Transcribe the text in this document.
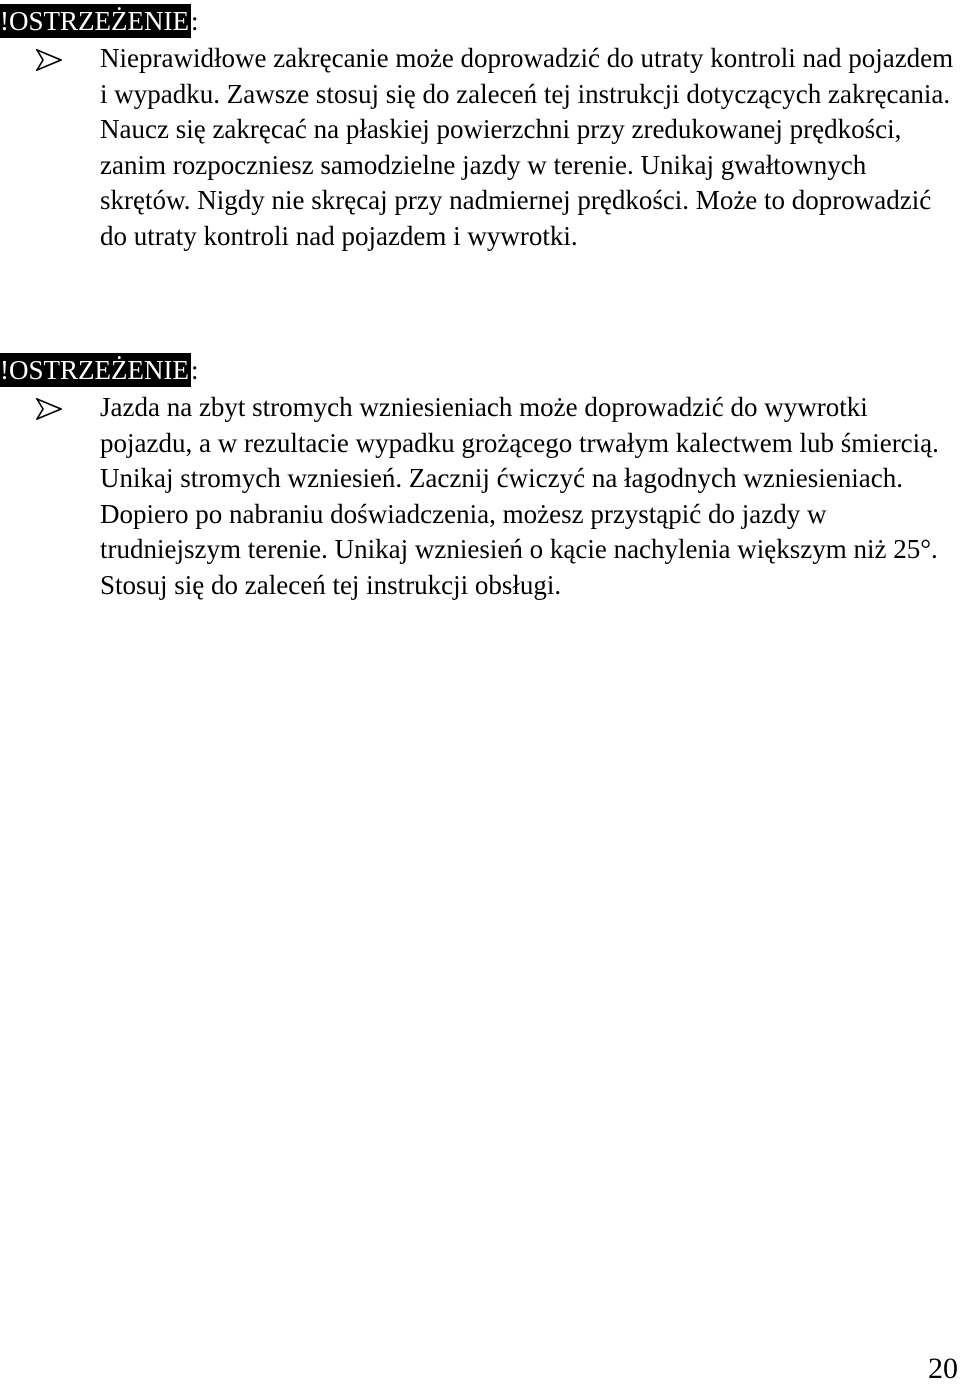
!OSTRZEŻENIE:
Nieprawidłowe zakręcanie może doprowadzić do utraty kontroli nad pojazdem i wypadku. Zawsze stosuj się do zaleceń tej instrukcji dotyczących zakręcania. Naucz się zakręcać na płaskiej powierzchni przy zredukowanej prędkości, zanim rozpoczniesz samodzielne jazdy w terenie. Unikaj gwałtownych skrętów. Nigdy nie skręcaj przy nadmiernej prędkości. Może to doprowadzić do utraty kontroli nad pojazdem i wywrotki.
!OSTRZEŻENIE:
Jazda na zbyt stromych wzniesieniach może doprowadzić do wywrotki pojazdu, a w rezultacie wypadku grożącego trwałym kalectwem lub śmiercią. Unikaj stromych wzniesień. Zacznij ćwiczyć na łagodnych wzniesieniach. Dopiero po nabraniu doświadczenia, możesz przystąpić do jazdy w trudniejszym terenie. Unikaj wzniesień o kącie nachylenia większym niż 25°. Stosuj się do zaleceń tej instrukcji obsługi.
20
